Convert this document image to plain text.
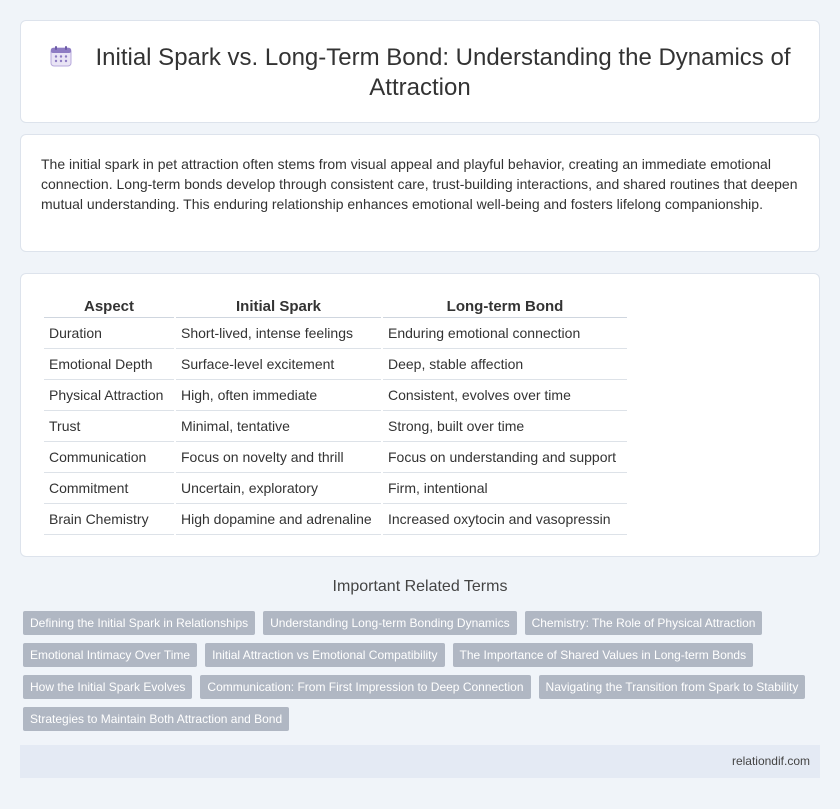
Initial Spark vs. Long-Term Bond: Understanding the Dynamics of Attraction

The initial spark in pet attraction often stems from visual appeal and playful behavior, creating an immediate emotional connection. Long-term bonds develop through consistent care, trust-building interactions, and shared routines that deepen mutual understanding. This enduring relationship enhances emotional well-being and fosters lifelong companionship.

Aspect	Initial Spark	Long-term Bond
Duration	Short-lived, intense feelings	Enduring emotional connection
Emotional Depth	Surface-level excitement	Deep, stable affection
Physical Attraction	High, often immediate	Consistent, evolves over time
Trust	Minimal, tentative	Strong, built over time
Communication	Focus on novelty and thrill	Focus on understanding and support
Commitment	Uncertain, exploratory	Firm, intentional
Brain Chemistry	High dopamine and adrenaline	Increased oxytocin and vasopressin
Important Related Terms
Defining the Initial Spark in Relationships	Understanding Long-term Bonding Dynamics	Chemistry: The Role of Physical Attraction
Emotional Intimacy Over Time	Initial Attraction vs Emotional Compatibility	The Importance of Shared Values in Long-term Bonds
How the Initial Spark Evolves	Communication: From First Impression to Deep Connection	Navigating the Transition from Spark to Stability
Strategies to Maintain Both Attraction and Bond
relationdif.com
